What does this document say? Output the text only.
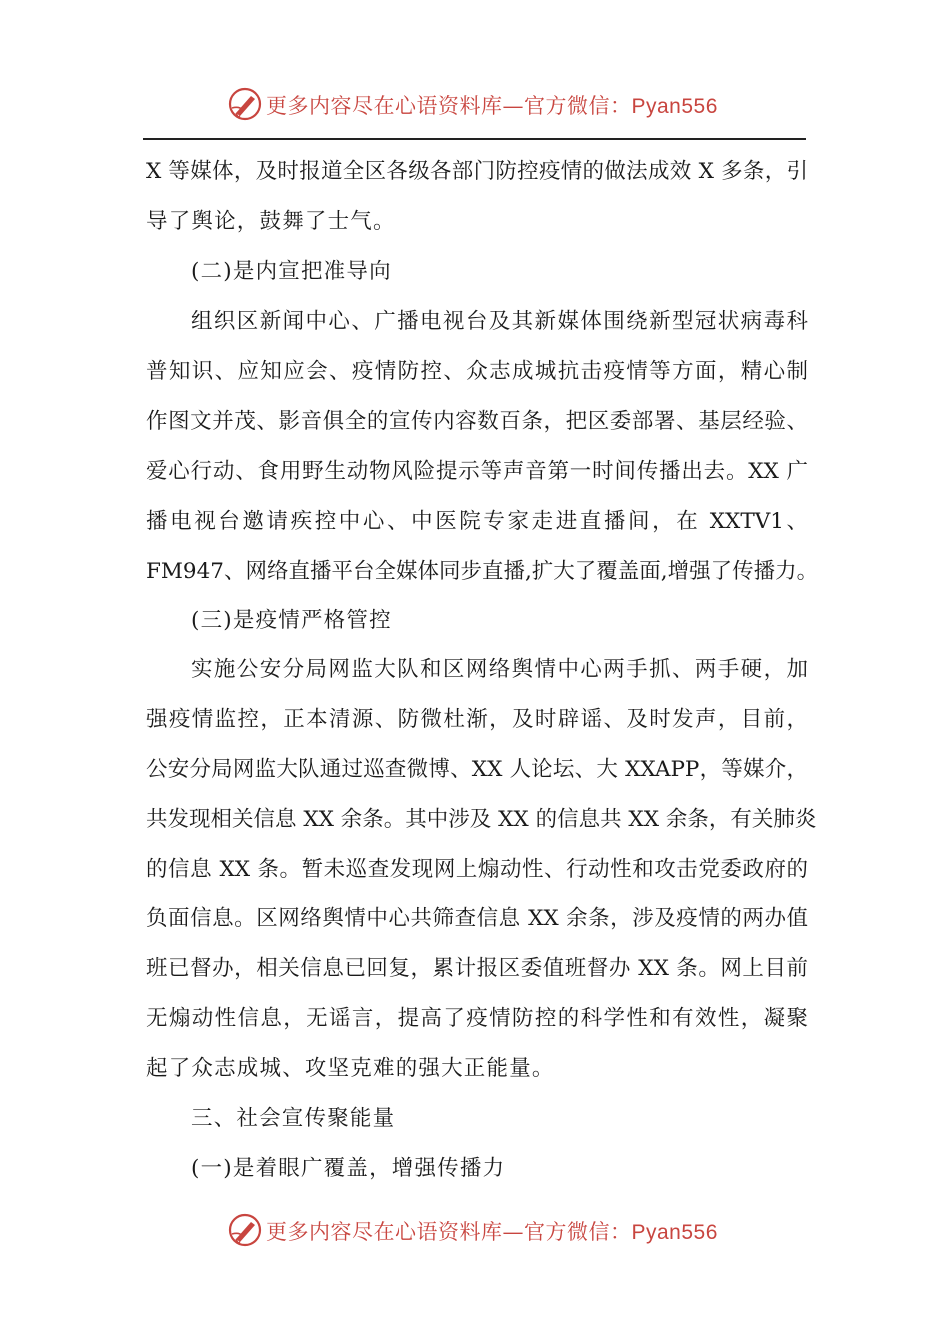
更多内容尽在心语资料库—官方微信：Pyan556
X 等媒体，及时报道全区各级各部门防控疫情的做法成效 X 多条，引
导了舆论，鼓舞了士气。
(二)是内宣把准导向
组织区新闻中心、广播电视台及其新媒体围绕新型冠状病毒科
普知识、应知应会、疫情防控、众志成城抗击疫情等方面，精心制
作图文并茂、影音俱全的宣传内容数百条，把区委部署、基层经验、
爱心行动、食用野生动物风险提示等声音第一时间传播出去。XX 广
播电视台邀请疾控中心、中医院专家走进直播间，在 XXTV1、
FM947、网络直播平台全媒体同步直播,扩大了覆盖面,增强了传播力。
(三)是疫情严格管控
实施公安分局网监大队和区网络舆情中心两手抓、两手硬，加
强疫情监控，正本清源、防微杜渐，及时辟谣、及时发声，目前，
公安分局网监大队通过巡查微博、XX 人论坛、大 XXAPP，等媒介，
共发现相关信息 XX 余条。其中涉及 XX 的信息共 XX 余条，有关肺炎
的信息 XX 条。暂未巡查发现网上煽动性、行动性和攻击党委政府的
负面信息。区网络舆情中心共筛查信息 XX 余条，涉及疫情的两办值
班已督办，相关信息已回复，累计报区委值班督办 XX 条。网上目前
无煽动性信息，无谣言，提高了疫情防控的科学性和有效性，凝聚
起了众志成城、攻坚克难的强大正能量。
三、社会宣传聚能量
(一)是着眼广覆盖，增强传播力
更多内容尽在心语资料库—官方微信：Pyan556
